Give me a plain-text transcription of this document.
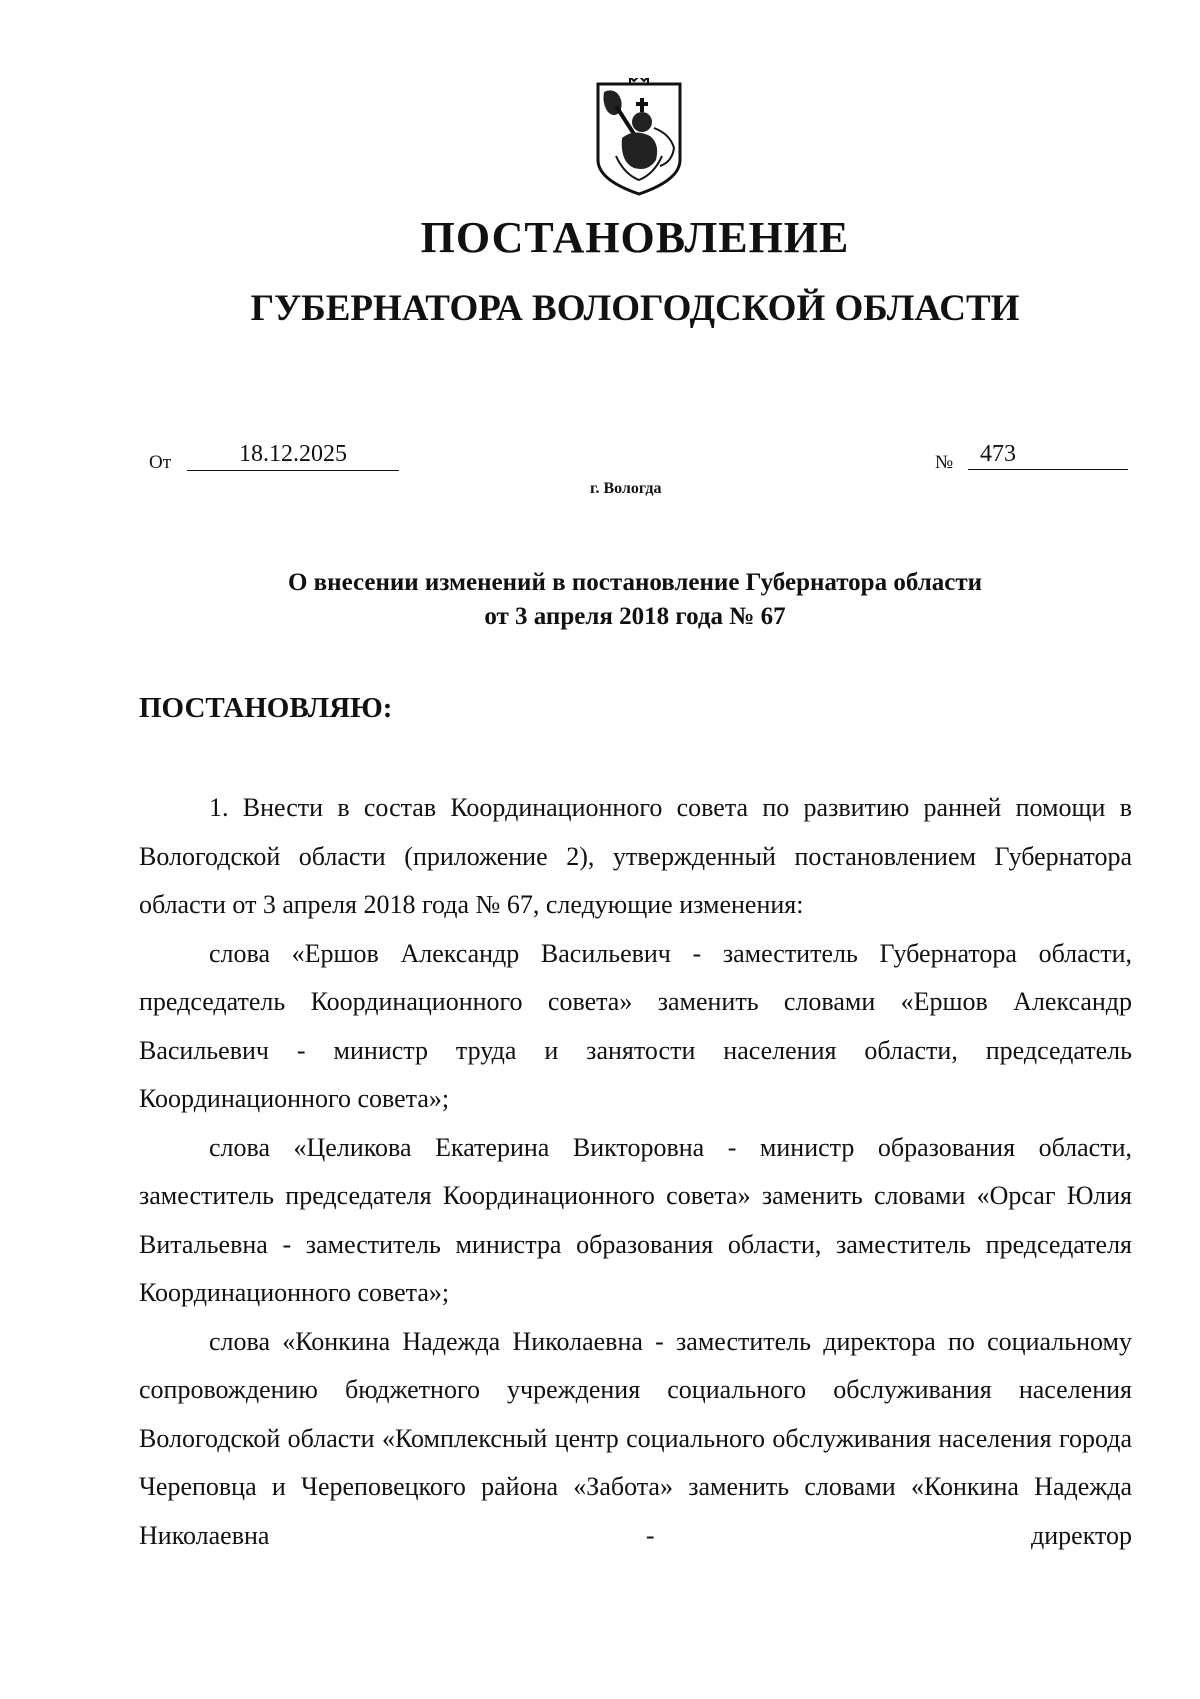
ПОСТАНОВЛЕНИЕ
ГУБЕРНАТОРА ВОЛОГОДСКОЙ ОБЛАСТИ
От	18.12.2025	№	473
г. Вологда
О внесении изменений в постановление Губернатора области
от 3 апреля 2018 года № 67
ПОСТАНОВЛЯЮ:

1. Внести в состав Координационного совета по развитию ранней помощи в Вологодской области (приложение 2), утвержденный постановлением Губернатора области от 3 апреля 2018 года № 67, следующие изменения:

слова «Ершов Александр Васильевич - заместитель Губернатора области, председатель Координационного совета» заменить словами «Ершов Александр Васильевич - министр труда и занятости населения области, председатель Координационного совета»;

слова «Целикова Екатерина Викторовна - министр образования области, заместитель председателя Координационного совета» заменить словами «Орсаг Юлия Витальевна - заместитель министра образования области, заместитель председателя Координационного совета»;

слова «Конкина Надежда Николаевна - заместитель директора по социальному сопровождению бюджетного учреждения социального обслуживания населения Вологодской области «Комплексный центр социального обслуживания населения города Череповца и Череповецкого района «Забота» заменить словами «Конкина Надежда Николаевна - директор
